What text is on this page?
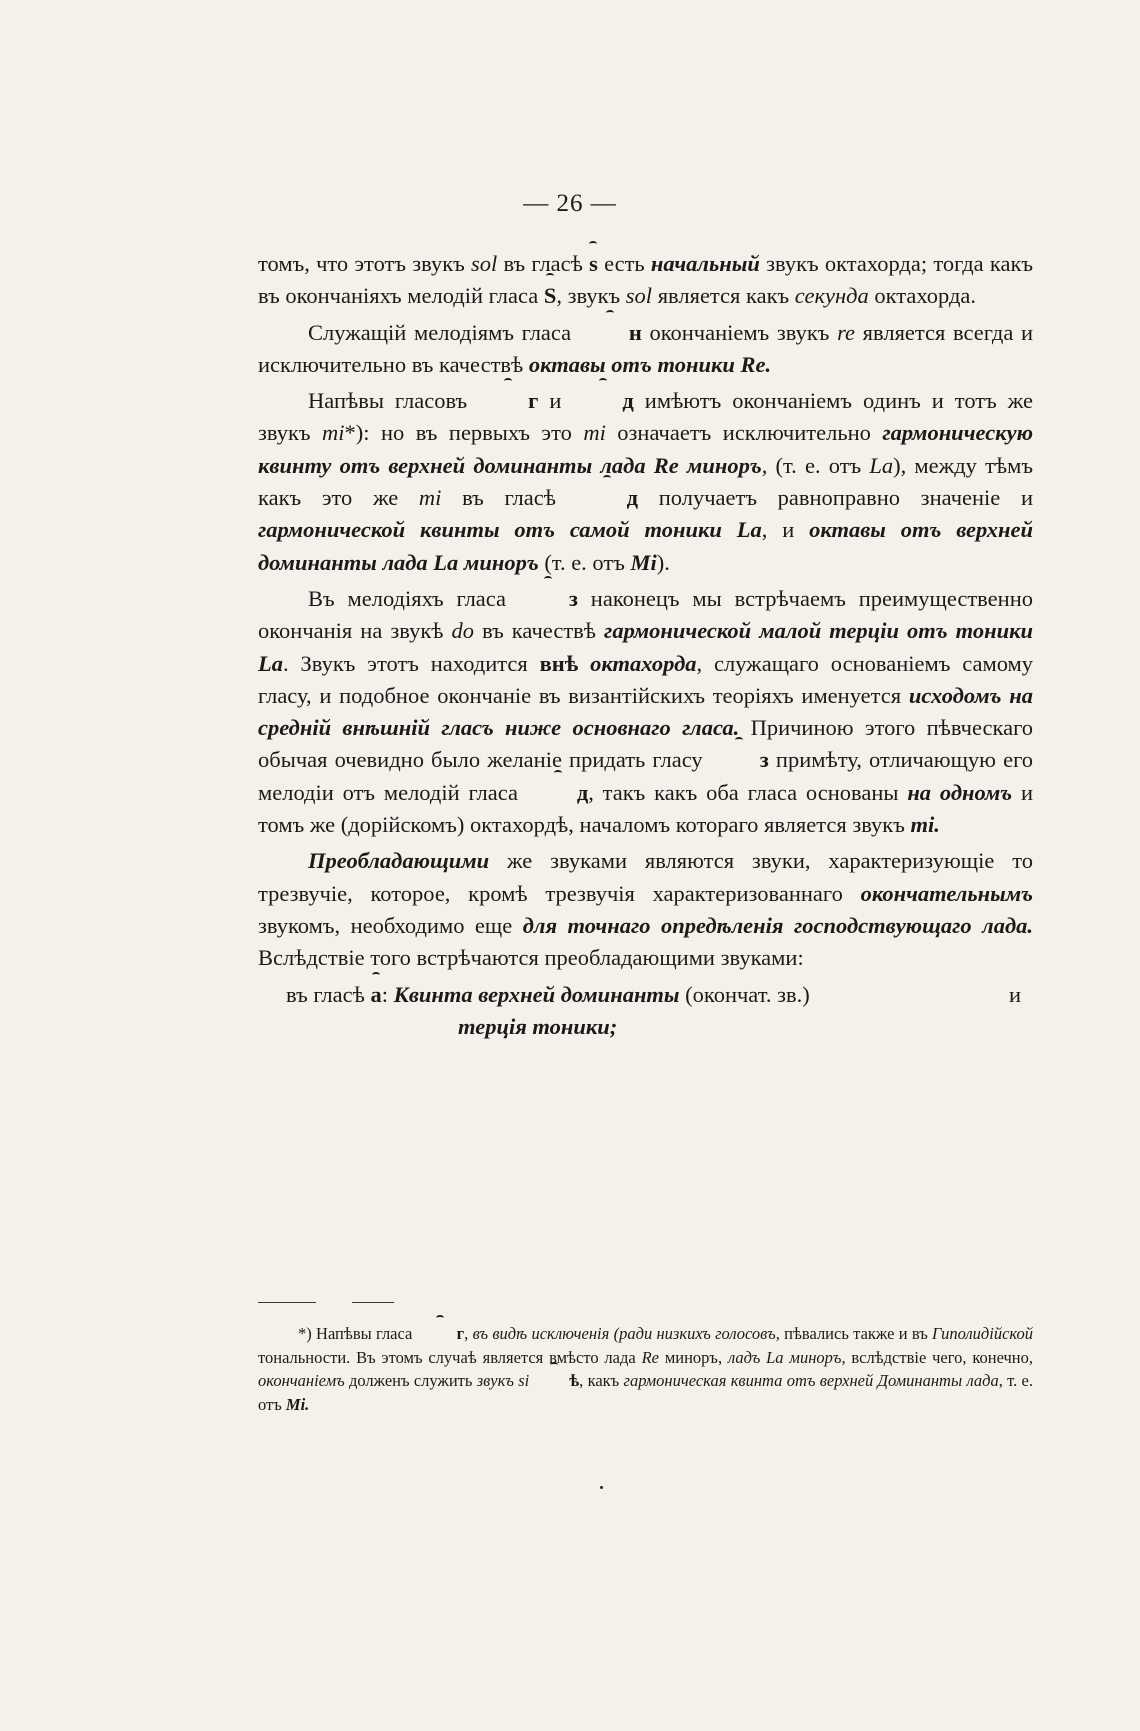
— 26 —

томъ, что этотъ звукъ sol въ гласѣ ѕ есть начальный звукъ октахорда; тогда какъ въ окончаніяхъ мелодій гласа Ѕ, звукъ sol является какъ секунда октахорда.

Служащій мелодіямъ гласа н окончаніемъ звукъ re является всегда и исключительно въ качествѣ октавы отъ тоники Re.

Напѣвы гласовъ г и д имѣютъ окончаніемъ одинъ и тотъ же звукъ mi*): но въ первыхъ это mi означаетъ исключительно гармоническую квинту отъ верхней доминанты лада Re миноръ, (т. е. отъ La), между тѣмъ какъ это же mi въ гласѣ д получаетъ равноправно значеніе и гармонической квинты отъ самой тоники La, и октавы отъ верхней доминанты лада La миноръ (т. е. отъ Mi).

Въ мелодіяхъ гласа з наконецъ мы встрѣчаемъ преимущественно окончанія на звукѣ do въ качествѣ гармонической малой терціи отъ тоники La. Звукъ этотъ находится внѣ октахорда, служащаго основаніемъ самому гласу, и подобное окончаніе въ византійскихъ теоріяхъ именуется исходомъ на средній внѣшній гласъ ниже основнаго гласа. Причиною этого пѣвческаго обычая очевидно было желаніе придать гласу з примѣту, отличающую его мелодіи отъ мелодій гласа д, такъ какъ оба гласа основаны на одномъ и томъ же (дорійскомъ) октахордѣ, началомъ котораго является звукъ mi.

Преобладающими же звуками являются звуки, характеризующіе то трезвучіе, которое, кромѣ трезвучія характеризованнаго окончательнымъ звукомъ, необходимо еще для точнаго опредѣленія господствующаго лада. Вслѣдствіе того встрѣчаются преобладающими звуками:

въ гласѣ а: Квинта верхней доминанты (окончат. зв.)	и
терція тоники;

*) Напѣвы гласа г, въ видѣ исключенія (ради низкихъ голосовъ, пѣвались также и въ Гиполидійской тональности. Въ этомъ случаѣ является вмѣсто лада Re миноръ, ладъ La миноръ, вслѣдствіе чего, конечно, окончаніемъ долженъ служить звукъ si ѣ, какъ гармоническая квинта отъ верхней Доминанты лада, т. е. отъ Mi.
